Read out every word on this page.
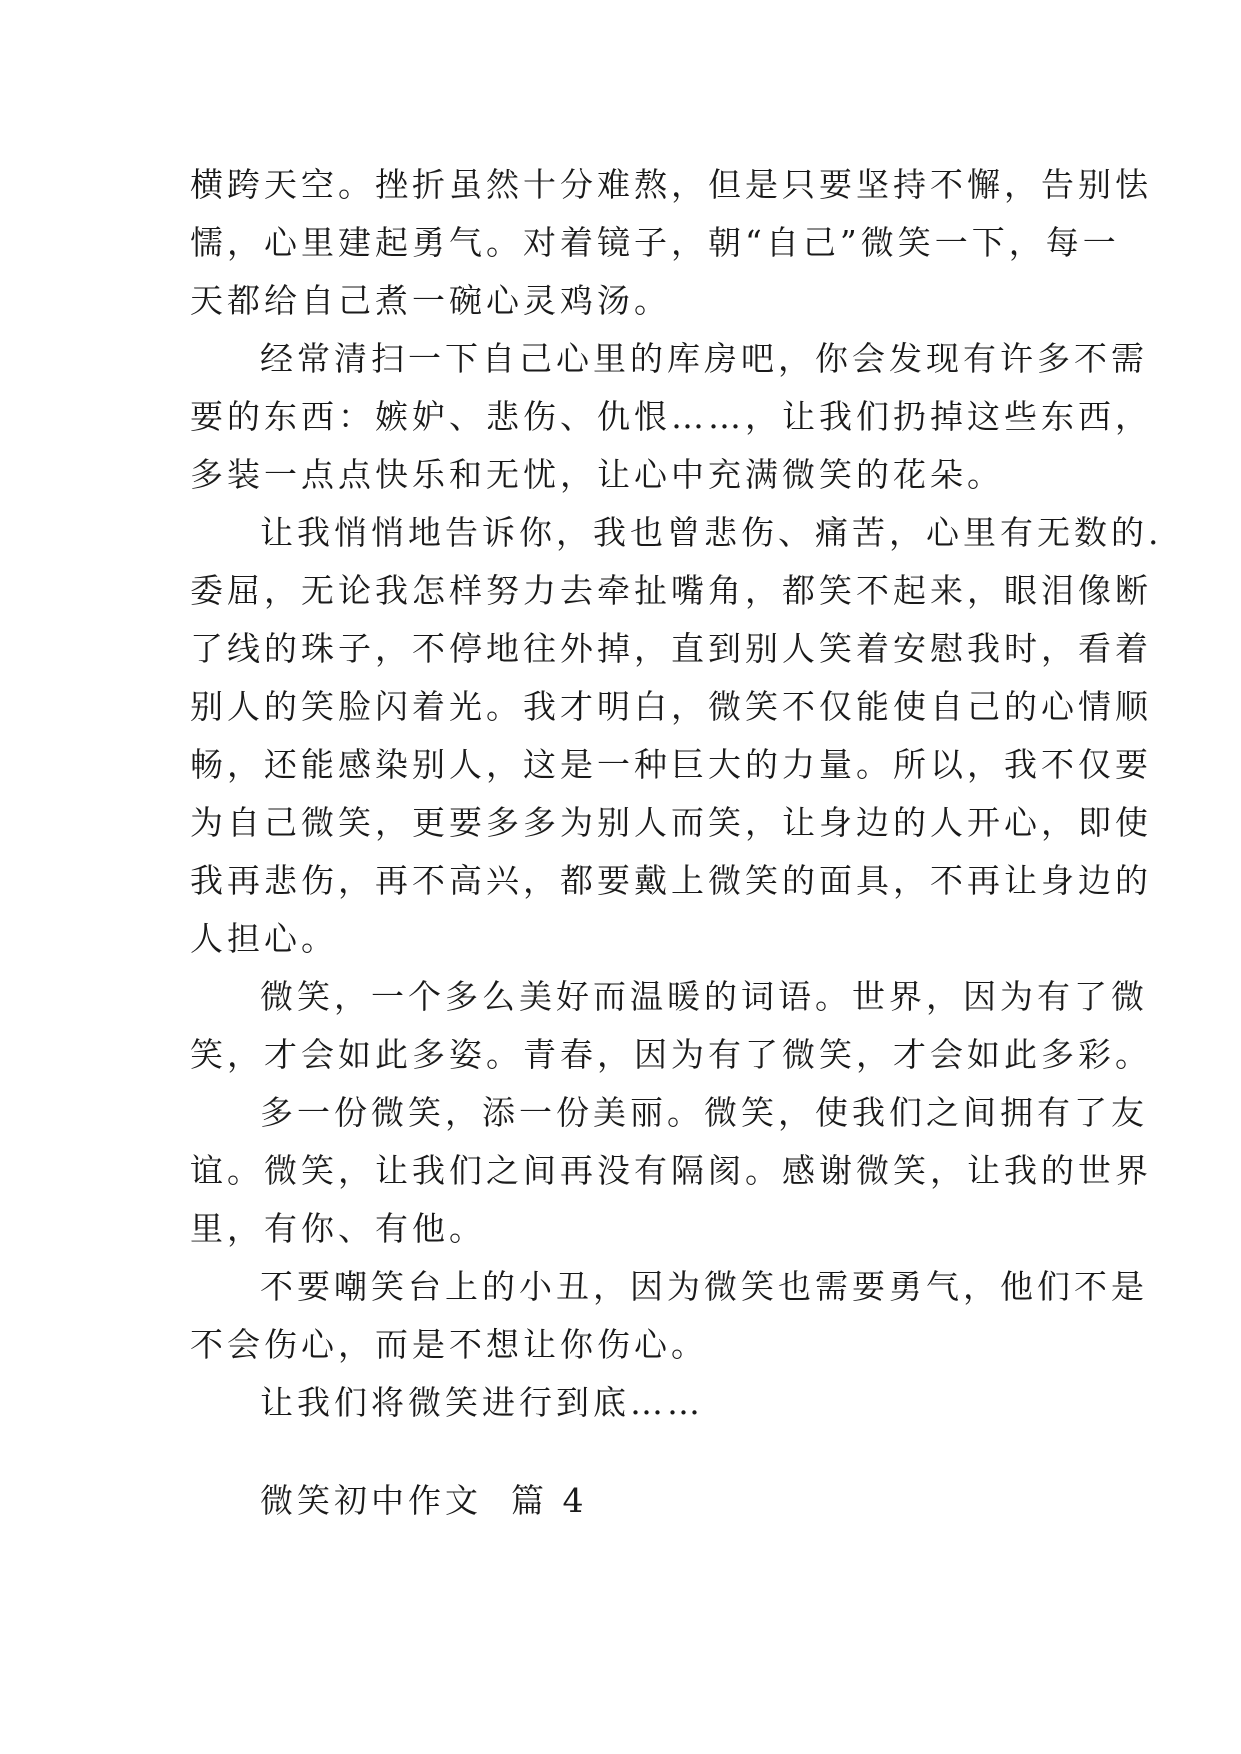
横跨天空。挫折虽然十分难熬，但是只要坚持不懈，告别怯
懦，心里建起勇气。对着镜子，朝“自己”微笑一下，每一
天都给自己煮一碗心灵鸡汤。
经常清扫一下自己心里的库房吧，你会发现有许多不需
要的东西：嫉妒、悲伤、仇恨……，让我们扔掉这些东西，
多装一点点快乐和无忧，让心中充满微笑的花朵。
让我悄悄地告诉你，我也曾悲伤、痛苦，心里有无数的.
委屈，无论我怎样努力去牵扯嘴角，都笑不起来，眼泪像断
了线的珠子，不停地往外掉，直到别人笑着安慰我时，看着
别人的笑脸闪着光。我才明白，微笑不仅能使自己的心情顺
畅，还能感染别人，这是一种巨大的力量。所以，我不仅要
为自己微笑，更要多多为别人而笑，让身边的人开心，即使
我再悲伤，再不高兴，都要戴上微笑的面具，不再让身边的
人担心。
微笑，一个多么美好而温暖的词语。世界，因为有了微
笑，才会如此多姿。青春，因为有了微笑，才会如此多彩。
多一份微笑，添一份美丽。微笑，使我们之间拥有了友
谊。微笑，让我们之间再没有隔阂。感谢微笑，让我的世界
里，有你、有他。
不要嘲笑台上的小丑，因为微笑也需要勇气，他们不是
不会伤心，而是不想让你伤心。
让我们将微笑进行到底……
微笑初中作文  篇 4
